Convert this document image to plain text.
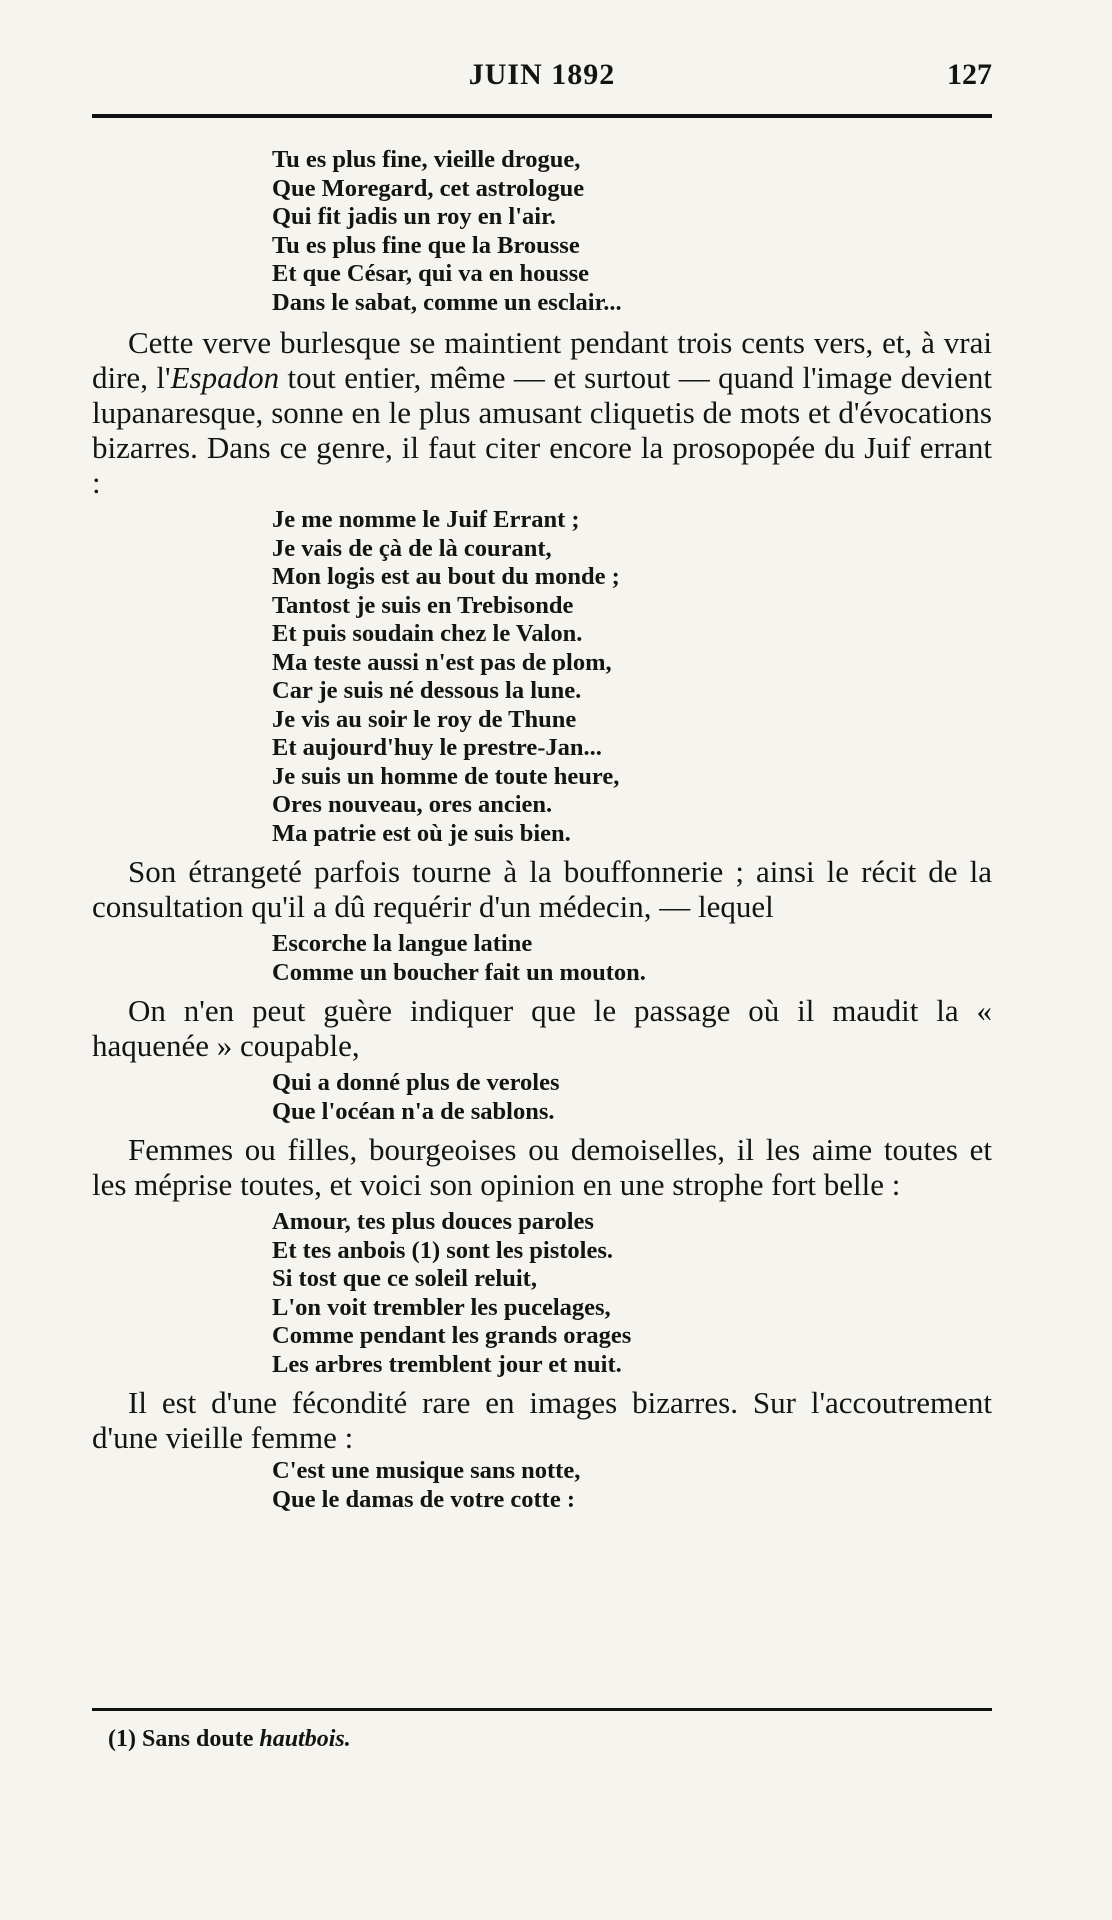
JUIN 1892	127
Tu es plus fine, vieille drogue,
Que Moregard, cet astrologue
Qui fit jadis un roy en l'air.
Tu es plus fine que la Brousse
Et que César, qui va en housse
Dans le sabat, comme un esclair...

Cette verve burlesque se maintient pendant trois cents vers, et, à vrai dire, l'Espadon tout entier, même — et surtout — quand l'image devient lupanaresque, sonne en le plus amusant cliquetis de mots et d'évocations bizarres. Dans ce genre, il faut citer encore la prosopopée du Juif errant :

Je me nomme le Juif Errant ;
Je vais de çà de là courant,
Mon logis est au bout du monde ;
Tantost je suis en Trebisonde
Et puis soudain chez le Valon.
Ma teste aussi n'est pas de plom,
Car je suis né dessous la lune.
Je vis au soir le roy de Thune
Et aujourd'huy le prestre-Jan...
Je suis un homme de toute heure,
Ores nouveau, ores ancien.
Ma patrie est où je suis bien.

Son étrangeté parfois tourne à la bouffonnerie ; ainsi le récit de la consultation qu'il a dû requérir d'un médecin, — lequel

Escorche la langue latine
Comme un boucher fait un mouton.

On n'en peut guère indiquer que le passage où il maudit la « haquenée » coupable,

Qui a donné plus de veroles
Que l'océan n'a de sablons.

Femmes ou filles, bourgeoises ou demoiselles, il les aime toutes et les méprise toutes, et voici son opinion en une strophe fort belle :

Amour, tes plus douces paroles
Et tes anbois (1) sont les pistoles.
Si tost que ce soleil reluit,
L'on voit trembler les pucelages,
Comme pendant les grands orages
Les arbres tremblent jour et nuit.

Il est d'une fécondité rare en images bizarres. Sur l'accoutrement d'une vieille femme :

C'est une musique sans notte,
Que le damas de votre cotte :
(1) Sans doute hautbois.
